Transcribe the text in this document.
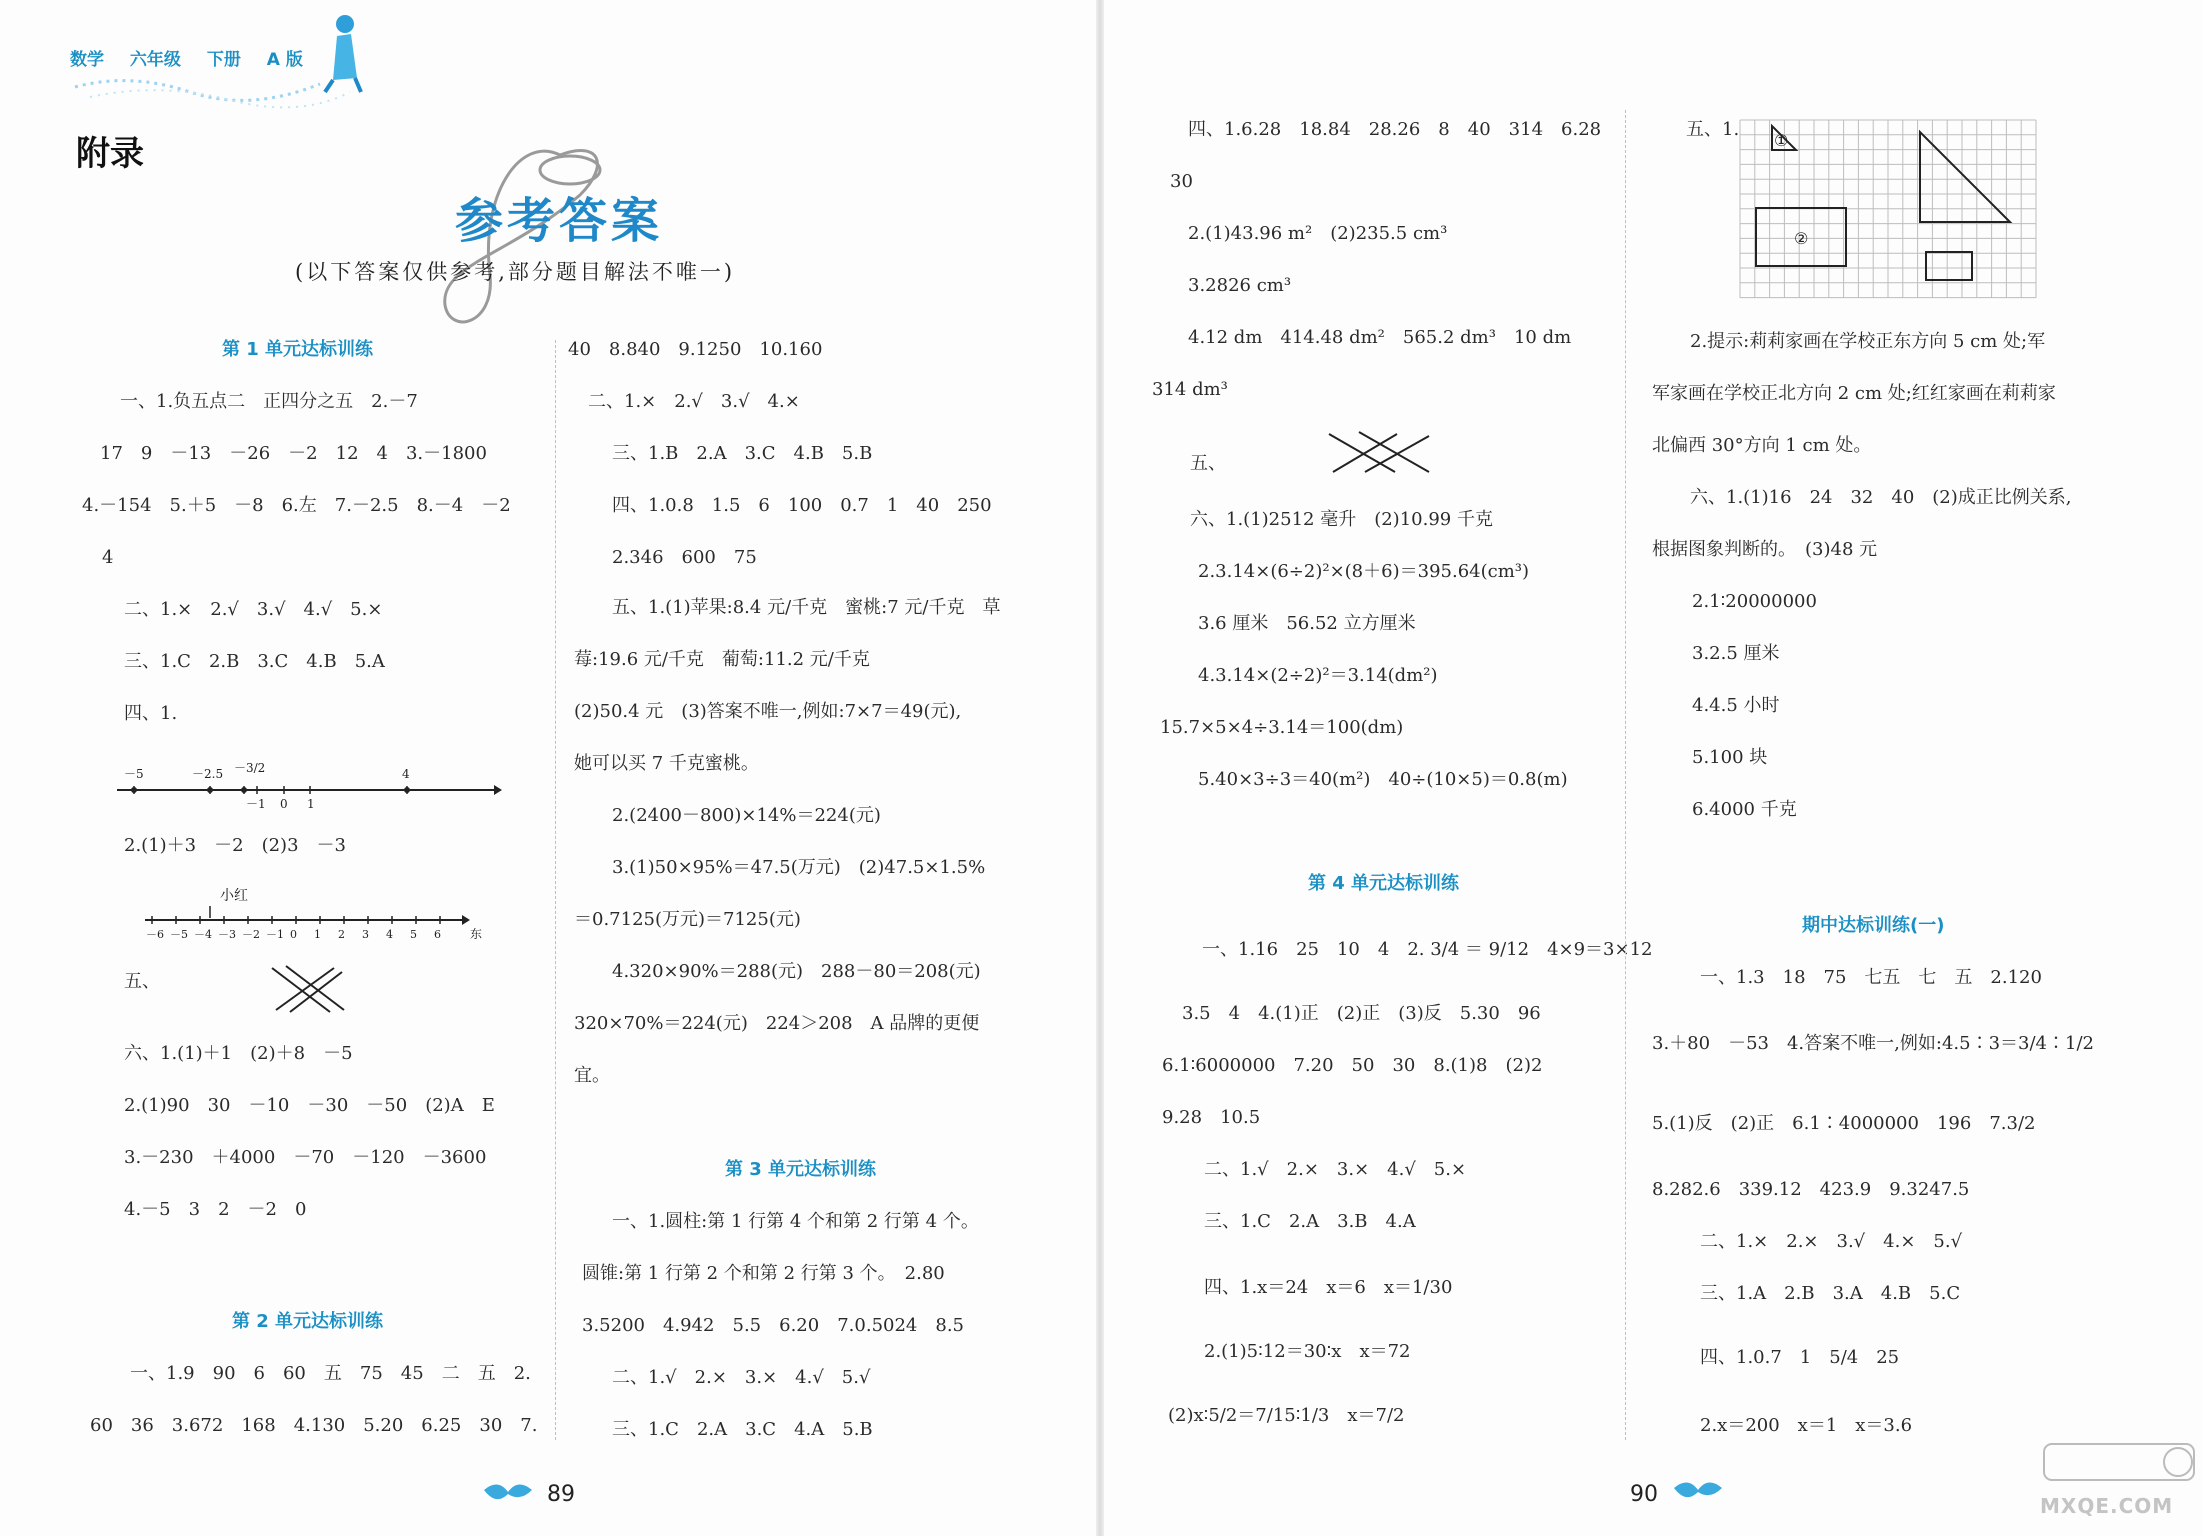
数学 六年级 下册 A 版
附录
参考答案
(以下答案仅供参考,部分题目解法不唯一)

第 1 单元达标训练

一、1.负五点二　正四分之五　2.－7

17　9　－13　－26　－2　12　4　3.－1800

4.－154　5.＋5　－8　6.左　7.－2.5　8.－4　－2

4

二、1.×　2.√　3.√　4.√　5.×

三、1.C　2.B　3.C　4.B　5.A

四、1.

－5	－2.5 －3/2	4
－1 0 1

2.(1)＋3　－2　(2)3　－3

小红
－6 －5 －4 －3 －2 －1 0 1 2 3 4 5 6 东

五、

六、1.(1)＋1　(2)＋8　－5

2.(1)90　30　－10　－30　－50　(2)A　E

3.－230　＋4000　－70　－120　－3600

4.－5　3　2　－2　0

第 2 单元达标训练

一、1.9　90　6　60　五　75　45　二　五　2.

60　36　3.672　168　4.130　5.20　6.25　30　7.

40　8.840　9.1250　10.160

二、1.×　2.√　3.√　4.×

三、1.B　2.A　3.C　4.B　5.B

四、1.0.8　1.5　6　100　0.7　1　40　250

2.346　600　75

五、1.(1)苹果:8.4 元/千克　蜜桃:7 元/千克　草

莓:19.6 元/千克　葡萄:11.2 元/千克

(2)50.4 元　(3)答案不唯一,例如:7×7＝49(元),

她可以买 7 千克蜜桃。

2.(2400－800)×14%＝224(元)

3.(1)50×95%＝47.5(万元)　(2)47.5×1.5%

＝0.7125(万元)＝7125(元)

4.320×90%＝288(元)　288－80＝208(元)

320×70%＝224(元)　224＞208　A 品牌的更便

宜。

第 3 单元达标训练

一、1.圆柱:第 1 行第 4 个和第 2 行第 4 个。

圆锥:第 1 行第 2 个和第 2 行第 3 个。　2.80

3.5200　4.942　5.5　6.20　7.0.5024　8.5

二、1.√　2.×　3.×　4.√　5.√

三、1.C　2.A　3.C　4.A　5.B

四、1.6.28　18.84　28.26　8　40　314　6.28

30

2.(1)43.96 m²　(2)235.5 cm³

3.2826 cm³

4.12 dm　414.48 dm²　565.2 dm³　10 dm

314 dm³

五、

六、1.(1)2512 毫升　(2)10.99 千克

2.3.14×(6÷2)²×(8＋6)＝395.64(cm³)

3.6 厘米　56.52 立方厘米

4.3.14×(2÷2)²＝3.14(dm²)

15.7×5×4÷3.14＝100(dm)

5.40×3÷3＝40(m²)　40÷(10×5)＝0.8(m)

第 4 单元达标训练

一、1.16　25　10　4　2. 3/4 ＝ 9/12　4×9＝3×12

3.5　4　4.(1)正　(2)正　(3)反　5.30　96

6.1∶6000000　7.20　50　30　8.(1)8　(2)2

9.28　10.5

二、1.√　2.×　3.×　4.√　5.×

三、1.C　2.A　3.B　4.A

四、1.x＝24　x＝6　x＝1/30

2.(1)5∶12＝30∶x　x＝72

(2)x∶5/2＝7/15∶1/3　x＝7/2

五、1.

①
②

2.提示:莉莉家画在学校正东方向 5 cm 处;军

军家画在学校正北方向 2 cm 处;红红家画在莉莉家

北偏西 30°方向 1 cm 处。

六、1.(1)16　24　32　40　(2)成正比例关系,

根据图象判断的。　(3)48 元

2.1∶20000000

3.2.5 厘米

4.4.5 小时

5.100 块

6.4000 千克

期中达标训练(一)

一、1.3　18　75　七五　七　五　2.120

3.＋80　－53　4.答案不唯一,例如:4.5∶3＝3/4∶1/2

5.(1)反　(2)正　6.1∶4000000　196　7.3/2

8.282.6　339.12　423.9　9.3247.5

二、1.×　2.×　3.√　4.×　5.√

三、1.A　2.B　3.A　4.B　5.C

四、1.0.7　1　5/4　25

2.x＝200　x＝1　x＝3.6

89	90	MXQE.COM
